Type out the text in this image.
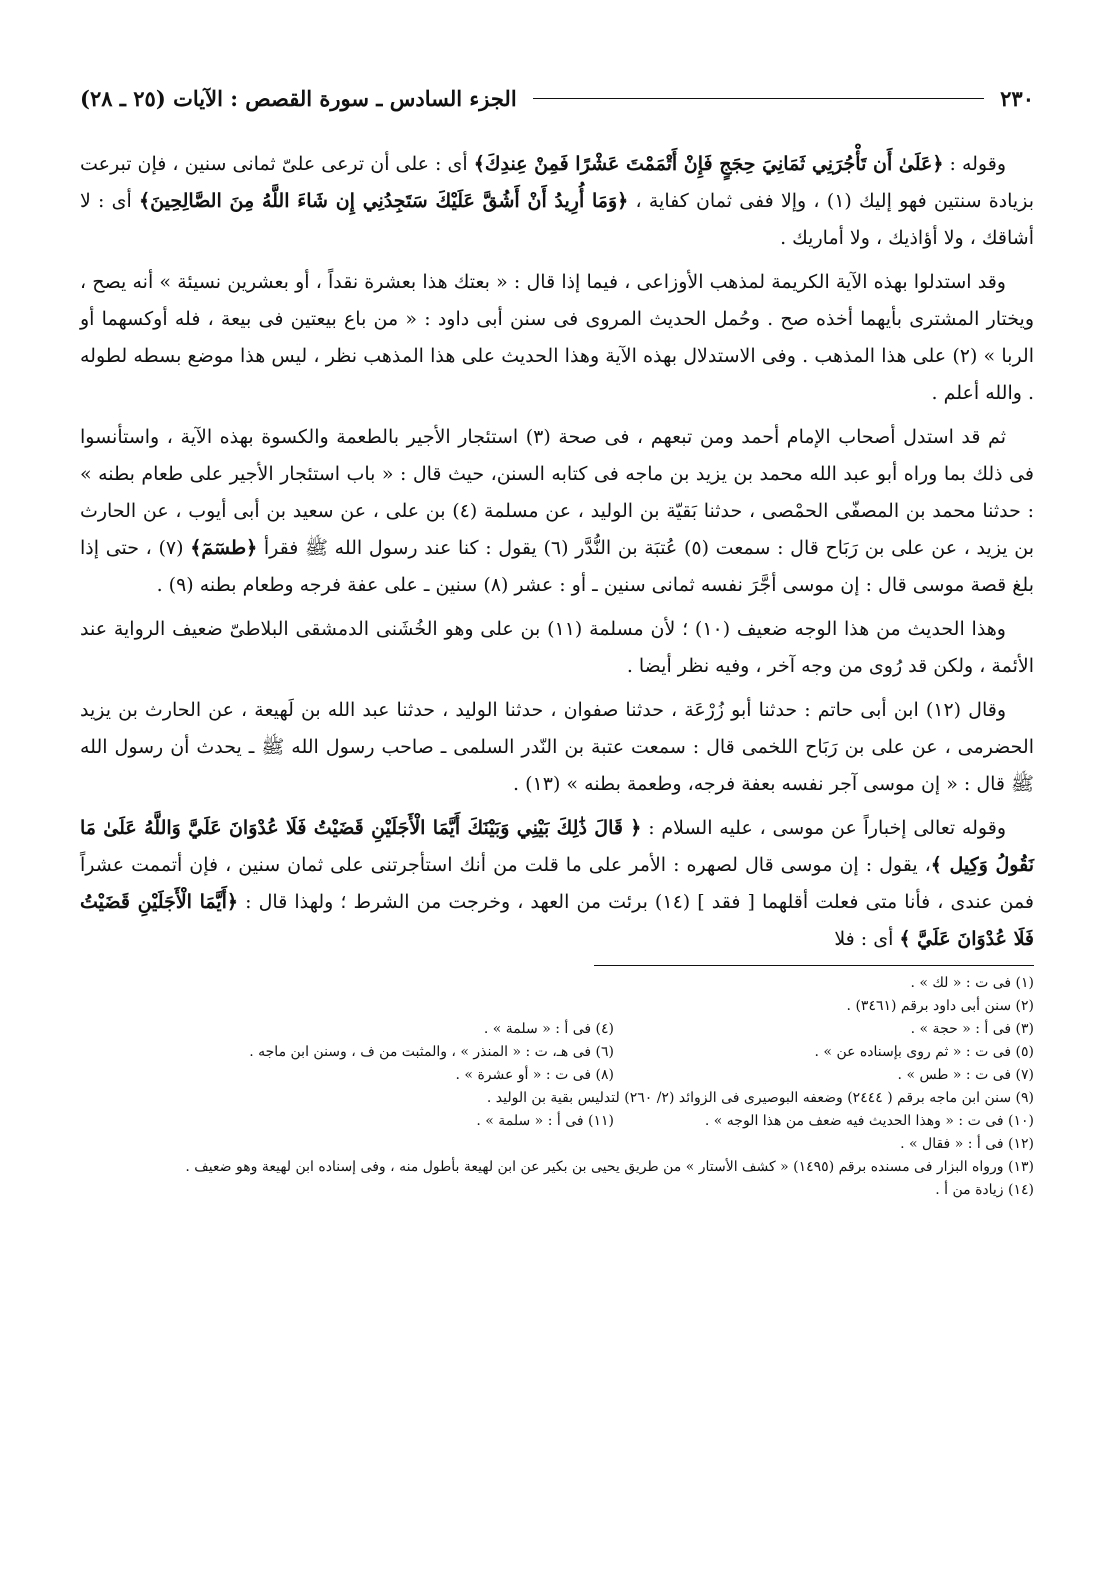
٢٣٠
الجزء السادس ـ سورة القصص : الآيات (٢٥ ـ ٢٨)

وقوله : ﴿عَلَىٰ أَن تَأْجُرَنِي ثَمَانِيَ حِجَجٍ فَإِنْ أَتْمَمْتَ عَشْرًا فَمِنْ عِندِكَ﴾ أى : على أن ترعى علىّ ثمانى سنين ، فإن تبرعت بزيادة سنتين فهو إليك (١) ، وإلا ففى ثمان كفاية ، ﴿وَمَا أُرِيدُ أَنْ أَشُقَّ عَلَيْكَ سَتَجِدُنِي إِن شَاءَ اللَّهُ مِنَ الصَّالِحِينَ﴾ أى : لا أشاقك ، ولا أؤاذيك ، ولا أماريك .

وقد استدلوا بهذه الآية الكريمة لمذهب الأوزاعى ، فيما إذا قال : « بعتك هذا بعشرة نقداً ، أو بعشرين نسيئة » أنه يصح ، ويختار المشترى بأيهما أخذه صح . وحُمل الحديث المروى فى سنن أبى داود : « من باع بيعتين فى بيعة ، فله أوكسهما أو الربا » (٢) على هذا المذهب . وفى الاستدلال بهذه الآية وهذا الحديث على هذا المذهب نظر ، ليس هذا موضع بسطه لطوله . والله أعلم .

ثم قد استدل أصحاب الإمام أحمد ومن تبعهم ، فى صحة (٣) استئجار الأجير بالطعمة والكسوة بهذه الآية ، واستأنسوا فى ذلك بما وراه أبو عبد الله محمد بن يزيد بن ماجه فى كتابه السنن، حيث قال : « باب استئجار الأجير على طعام بطنه » : حدثنا محمد بن المصفّى الحمْصى ، حدثنا بَقيّة بن الوليد ، عن مسلمة (٤) بن على ، عن سعيد بن أبى أيوب ، عن الحارث بن يزيد ، عن على بن رَبَاح قال : سمعت (٥) عُتبَة بن النُّدَّر (٦) يقول : كنا عند رسول الله ﷺ فقرأ ﴿طسٓمٓ﴾ (٧) ، حتى إذا بلغ قصة موسى قال : إن موسى أجَّرَ نفسه ثمانى سنين ـ أو : عشر (٨) سنين ـ على عفة فرجه وطعام بطنه (٩) .

وهذا الحديث من هذا الوجه ضعيف (١٠) ؛ لأن مسلمة (١١) بن على وهو الخُشَنى الدمشقى البلاطىّ ضعيف الرواية عند الأئمة ، ولكن قد رُوى من وجه آخر ، وفيه نظر أيضا .

وقال (١٢) ابن أبى حاتم : حدثنا أبو زُرْعَة ، حدثنا صفوان ، حدثنا الوليد ، حدثنا عبد الله بن لَهيعة ، عن الحارث بن يزيد الحضرمى ، عن على بن رَبَاح اللخمى قال : سمعت عتبة بن النّدر السلمى ـ صاحب رسول الله ﷺ ـ يحدث أن رسول الله ﷺ قال : « إن موسى آجر نفسه بعفة فرجه، وطعمة بطنه » (١٣) .

وقوله تعالى إخباراً عن موسى ، عليه السلام : ﴿ قَالَ ذَٰلِكَ بَيْنِي وَبَيْنَكَ أَيَّمَا الْأَجَلَيْنِ قَضَيْتُ فَلَا عُدْوَانَ عَلَيَّ وَاللَّهُ عَلَىٰ مَا نَقُولُ وَكِيل ﴾، يقول : إن موسى قال لصهره : الأمر على ما قلت من أنك استأجرتنى على ثمان سنين ، فإن أتممت عشراً فمن عندى ، فأنا متى فعلت أقلهما [ فقد ] (١٤) برئت من العهد ، وخرجت من الشرط ؛ ولهذا قال : ﴿أَيَّمَا الْأَجَلَيْنِ قَضَيْتُ فَلَا عُدْوَانَ عَلَيَّ ﴾ أى : فلا

(١) فى ت : « لك » .
(٢) سنن أبى داود برقم (٣٤٦١) .
(٣) فى أ : « حجة » .
(٤) فى أ : « سلمة » .
(٥) فى ت : « ثم روى بإسناده عن » .
(٦) فى هـ، ت : « المنذر » ، والمثبت من ف ، وسنن ابن ماجه .
(٧) فى ت : « طس » .
(٨) فى ت : « أو عشرة » .
(٩) سنن ابن ماجه برقم ( ٢٤٤٤) وضعفه البوصيرى فى الزوائد (٢/ ٢٦٠) لتدليس بقية بن الوليد .
(١٠) فى ت : « وهذا الحديث فيه ضعف من هذا الوجه » .
(١١) فى أ : « سلمة » .
(١٢) فى أ : « فقال » .
(١٣) ورواه البزار فى مسنده برقم (١٤٩٥) « كشف الأستار » من طريق يحيى بن بكير عن ابن لهيعة بأطول منه ، وفى إسناده ابن لهيعة وهو ضعيف .
(١٤) زيادة من أ .
